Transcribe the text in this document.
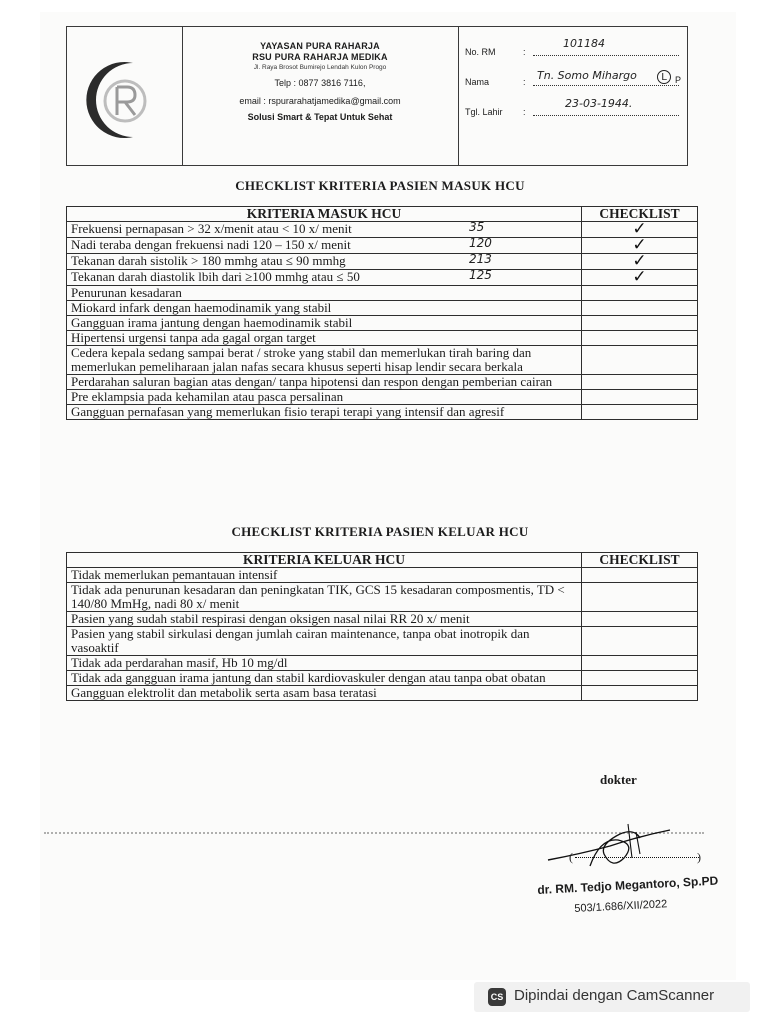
YAYASAN PURA RAHARJA
RSU PURA RAHARJA MEDIKA
Jl. Raya Brosot Bumirejo Lendah Kulon Progo
Telp : 0877 3816 7116,
email : rspurarahatjamedika@gmail.com
Solusi Smart & Tepat Untuk Sehat
No. RM	:
101184
Nama	: Tn. Somo Mihargo	L P
Tgl. Lahir :
23-03-1944.
CHECKLIST KRITERIA PASIEN MASUK HCU
KRITERIA MASUK HCU	CHECKLIST
Frekuensi pernapasan > 32 x/menit atau < 10 x/ menit 35	✓
Nadi teraba dengan frekuensi nadi 120 – 150 x/ menit 120	✓
Tekanan darah sistolik > 180 mmhg atau ≤ 90 mmhg 213	✓
Tekanan darah diastolik lbih dari ≥100 mmhg atau ≤ 50 125	✓
Penurunan kesadaran

Miokard infark dengan haemodinamik yang stabil

Gangguan irama jantung dengan haemodinamik stabil

Hipertensi urgensi tanpa ada gagal organ target

Cedera kepala sedang sampai berat / stroke yang stabil dan memerlukan tirah baring dan memerlukan pemeliharaan jalan nafas secara khusus seperti hisap lendir secara berkala

Perdarahan saluran bagian atas dengan/ tanpa hipotensi dan respon dengan pemberian cairan

Pre eklampsia pada kehamilan atau pasca persalinan

Gangguan pernafasan yang memerlukan fisio terapi terapi yang intensif dan agresif

CHECKLIST KRITERIA PASIEN KELUAR HCU
KRITERIA KELUAR HCU	CHECKLIST
Tidak memerlukan pemantauan intensif	
Tidak ada penurunan kesadaran dan peningkatan TIK, GCS 15 kesadaran composmentis, TD < 140/80 MmHg, nadi 80 x/ menit	
Pasien yang sudah stabil respirasi dengan oksigen nasal nilai RR 20 x/ menit	
Pasien yang stabil sirkulasi dengan jumlah cairan maintenance, tanpa obat inotropik dan vasoaktif	
Tidak ada perdarahan masif, Hb 10 mg/dl	
Tidak ada gangguan irama jantung dan stabil kardiovaskuler dengan atau tanpa obat obatan	
Gangguan elektrolit dan metabolik serta asam basa teratasi	
dokter
(	)
dr. RM. Tedjo Megantoro, Sp.PD
503/1.686/XII/2022
CS Dipindai dengan CamScanner
